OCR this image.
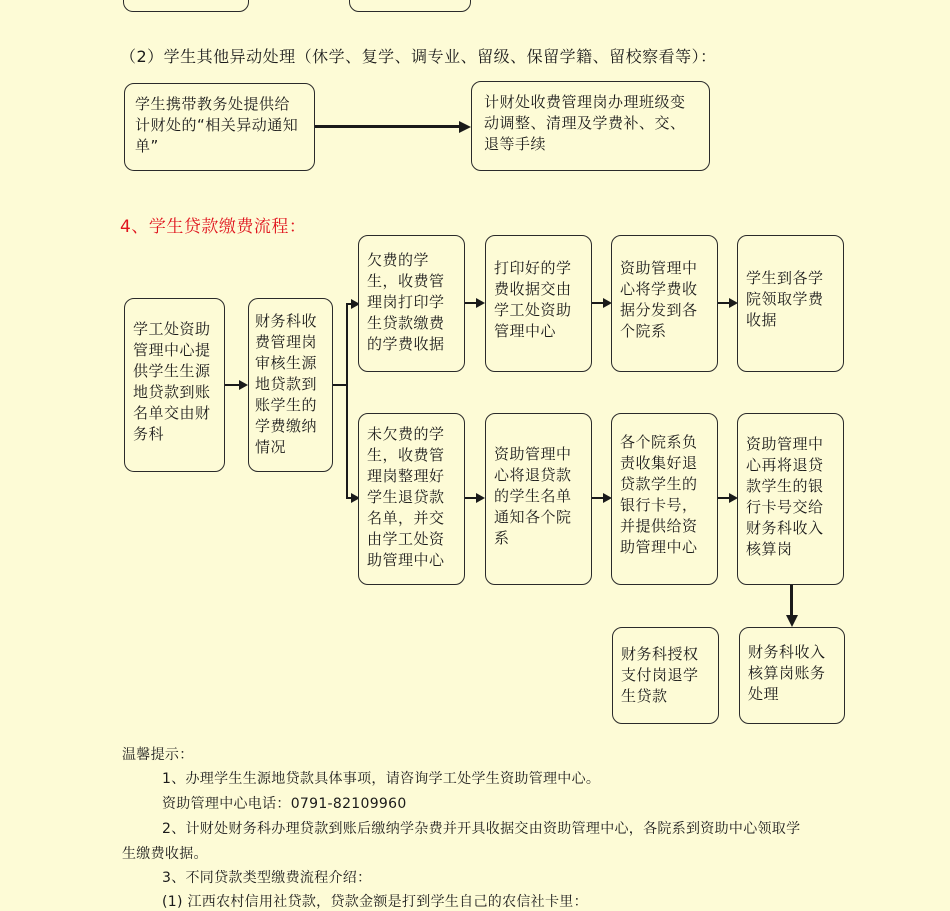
（2）学生其他异动处理（休学、复学、调专业、留级、保留学籍、留校察看等）：
学生携带教务处提供给计财处的“相关异动通知单”
计财处收费管理岗办理班级变动调整、清理及学费补、交、退等手续
4、学生贷款缴费流程：
学工处资助管理中心提供学生生源地贷款到账名单交由财务科
财务科收费管理岗审核生源地贷款到账学生的学费缴纳情况
欠费的学生，收费管理岗打印学生贷款缴费的学费收据
打印好的学费收据交由学工处资助管理中心
资助管理中心将学费收据分发到各个院系
学生到各学院领取学费收据
未欠费的学生，收费管理岗整理好学生退贷款名单，并交由学工处资助管理中心
资助管理中心将退贷款的学生名单通知各个院系
各个院系负责收集好退贷款学生的银行卡号，并提供给资助管理中心
资助管理中心再将退贷款学生的银行卡号交给财务科收入核算岗
财务科收入核算岗账务处理
财务科授权支付岗退学生贷款
温馨提示：
1、办理学生生源地贷款具体事项，请咨询学工处学生资助管理中心。
资助管理中心电话：0791-82109960
2、计财处财务科办理贷款到账后缴纳学杂费并开具收据交由资助管理中心，各院系到资助中心领取学
生缴费收据。
3、不同贷款类型缴费流程介绍：
(1) 江西农村信用社贷款，贷款金额是打到学生自己的农信社卡里：
